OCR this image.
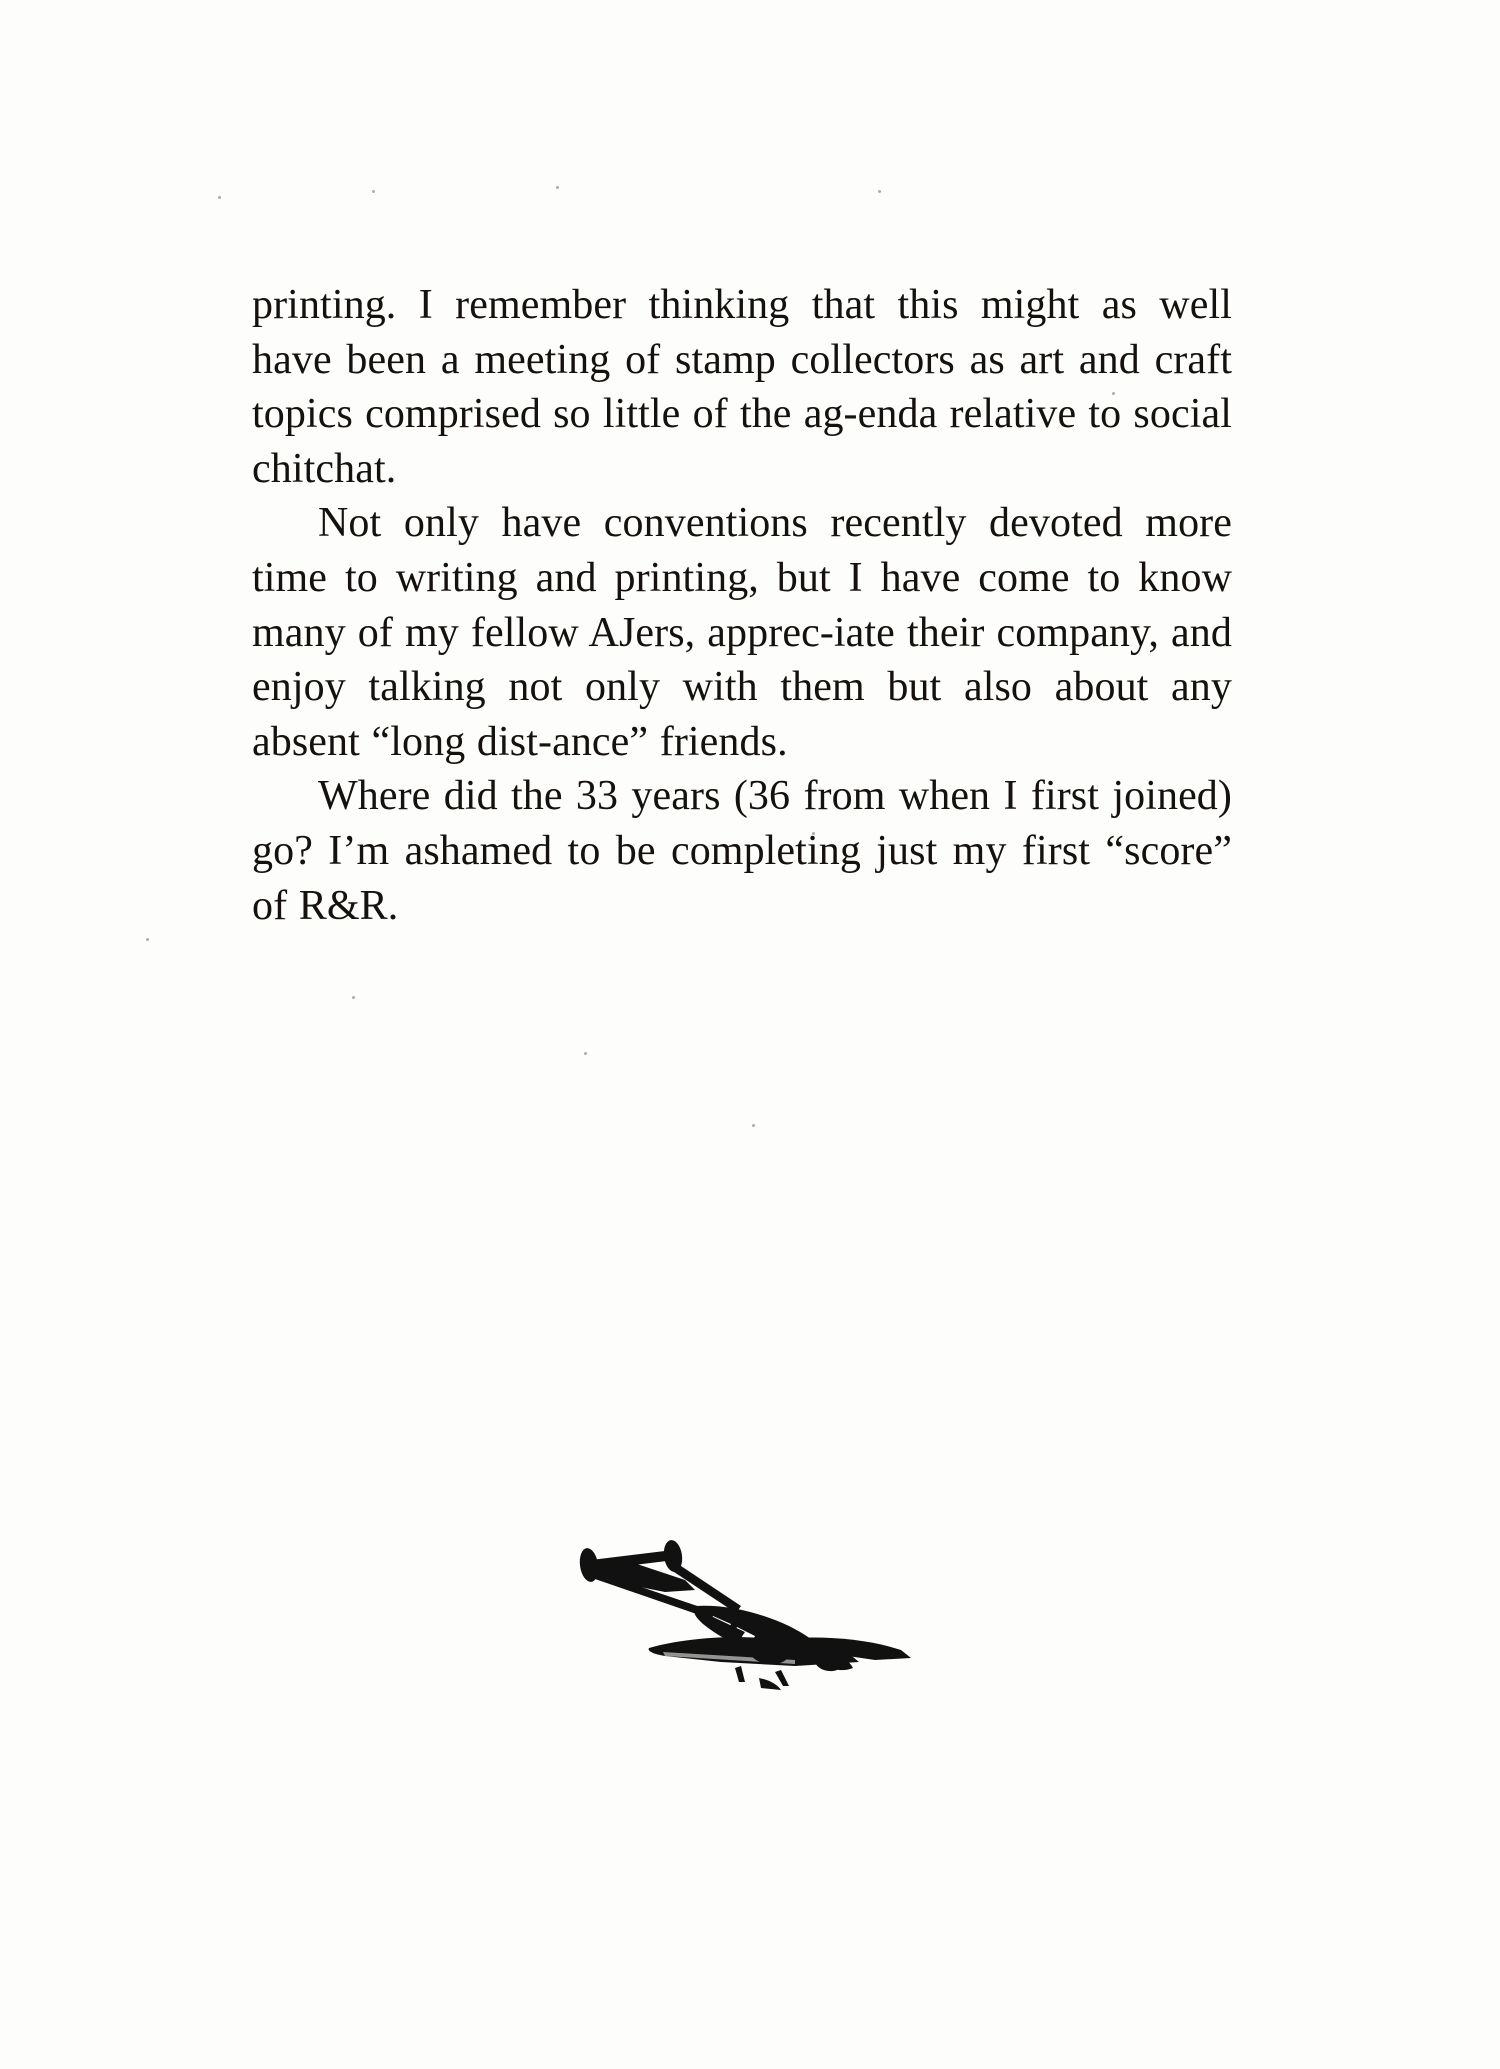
printing. I remember thinking that this might as well have been a meeting of stamp collectors as art and craft topics comprised so little of the ag-enda relative to social chitchat.

Not only have conventions recently devoted more time to writing and printing, but I have come to know many of my fellow AJers, apprec-iate their company, and enjoy talking not only with them but also about any absent “long dist-ance” friends.

Where did the 33 years (36 from when I first joined) go? I’m ashamed to be completing just my first “score” of R&R.
